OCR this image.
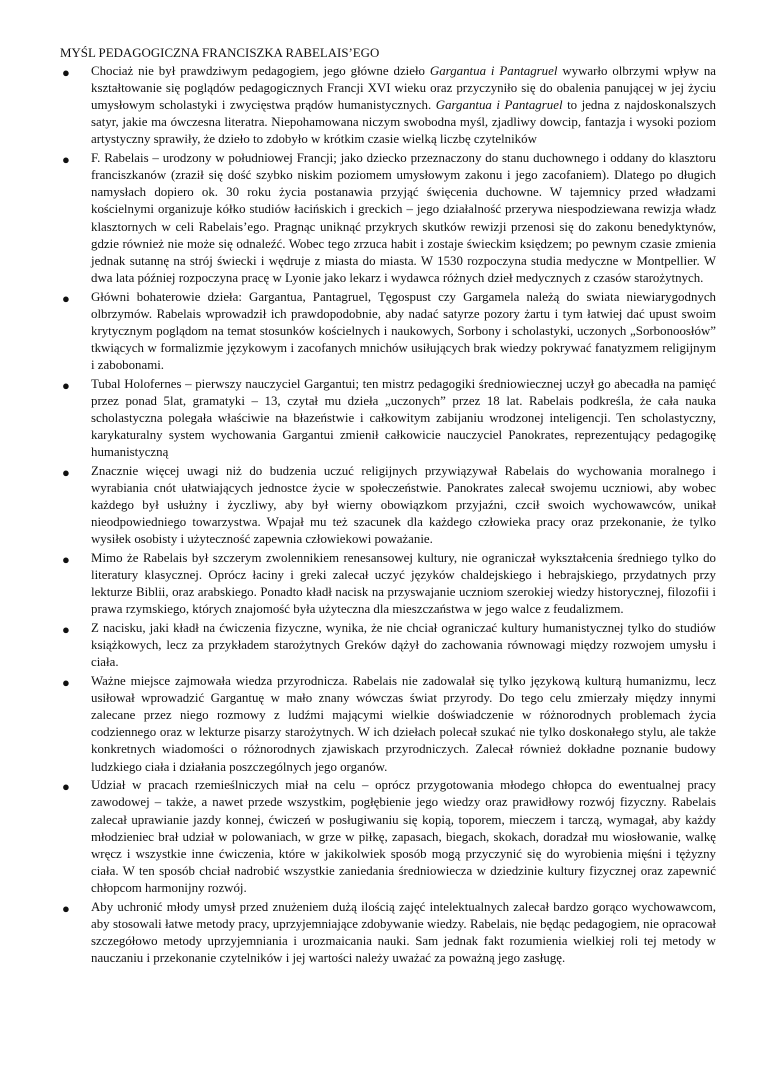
MYŚL PEDAGOGICZNA FRANCISZKA RABELAIS’EGO
● Chociaż nie był prawdziwym pedagogiem, jego główne dzieło Gargantua i Pantagruel wywarło olbrzymi wpływ na kształtowanie się poglądów pedagogicznych Francji XVI wieku oraz przyczyniło się do obalenia panującej w jej życiu umysłowym scholastyki i zwycięstwa prądów humanistycznych. Gargantua i Pantagruel to jedna z najdoskonalszych satyr, jakie ma ówczesna literatra. Niepohamowana niczym swobodna myśl, zjadliwy dowcip, fantazja i wysoki poziom artystyczny sprawiły, że dzieło to zdobyło w krótkim czasie wielką liczbę czytelników
● F. Rabelais – urodzony w południowej Francji; jako dziecko przeznaczony do stanu duchownego i oddany do klasztoru franciszkanów (zraził się dość szybko niskim poziomem umysłowym zakonu i jego zacofaniem). Dlatego po długich namysłach dopiero ok. 30 roku życia postanawia przyjąć święcenia duchowne. W tajemnicy przed władzami kościelnymi organizuje kółko studiów łacińskich i greckich – jego działalność przerywa niespodziewana rewizja władz klasztornych w celi Rabelais’ego. Pragnąc uniknąć przykrych skutków rewizji przenosi się do zakonu benedyktynów, gdzie również nie może się odnaleźć. Wobec tego zrzuca habit i zostaje świeckim księdzem; po pewnym czasie zmienia jednak sutannę na strój świecki i wędruje z miasta do miasta. W 1530 rozpoczyna studia medyczne w Montpellier. W dwa lata później rozpoczyna pracę w Lyonie jako lekarz i wydawca różnych dzieł medycznych z czasów starożytnych.
● Główni bohaterowie dzieła: Gargantua, Pantagruel, Tęgospust czy Gargamela należą do swiata niewiarygodnych olbrzymów. Rabelais wprowadził ich prawdopodobnie, aby nadać satyrze pozory żartu i tym łatwiej dać upust swoim krytycznym poglądom na temat stosunków kościelnych i naukowych, Sorbony i scholastyki, uczonych „Sorbonoosłów” tkwiących w formalizmie językowym i zacofanych mnichów usiłujących brak wiedzy pokrywać fanatyzmem religijnym i zabobonami.
● Tubal Holofernes – pierwszy nauczyciel Gargantui; ten mistrz pedagogiki średniowiecznej uczył go abecadła na pamięć przez ponad 5lat, gramatyki – 13, czytał mu dzieła „uczonych” przez 18 lat. Rabelais podkreśla, że cała nauka scholastyczna polegała właściwie na błazeństwie i całkowitym zabijaniu wrodzonej inteligencji. Ten scholastyczny, karykaturalny system wychowania Gargantui zmienił całkowicie nauczyciel Panokrates, reprezentujący pedagogikę humanistyczną
● Znacznie więcej uwagi niż do budzenia uczuć religijnych przywiązywał Rabelais do wychowania moralnego i wyrabiania cnót ułatwiających jednostce życie w społeczeństwie. Panokrates zalecał swojemu uczniowi, aby wobec każdego był usłużny i życzliwy, aby był wierny obowiązkom przyjaźni, czcił swoich wychowawców, unikał nieodpowiedniego towarzystwa. Wpajał mu też szacunek dla każdego człowieka pracy oraz przekonanie, że tylko wysiłek osobisty i użyteczność zapewnia człowiekowi poważanie.
● Mimo że Rabelais był szczerym zwolennikiem renesansowej kultury, nie ograniczał wykształcenia średniego tylko do literatury klasycznej. Oprócz łaciny i greki zalecał uczyć języków chaldejskiego i hebrajskiego, przydatnych przy lekturze Biblii, oraz arabskiego. Ponadto kładł nacisk na przyswajanie uczniom szerokiej wiedzy historycznej, filozofii i prawa rzymskiego, których znajomość była użyteczna dla mieszczaństwa w jego walce z feudalizmem.
● Z nacisku, jaki kładł na ćwiczenia fizyczne, wynika, że nie chciał ograniczać kultury humanistycznej tylko do studiów książkowych, lecz za przykładem starożytnych Greków dążył do zachowania równowagi między rozwojem umysłu i ciała.
● Ważne miejsce zajmowała wiedza przyrodnicza. Rabelais nie zadowalał się tylko językową kulturą humanizmu, lecz usiłował wprowadzić Gargantuę w mało znany wówczas świat przyrody. Do tego celu zmierzały między innymi zalecane przez niego rozmowy z ludźmi mającymi wielkie doświadczenie w różnorodnych problemach życia codziennego oraz w lekturze pisarzy starożytnych. W ich dziełach polecał szukać nie tylko doskonałego stylu, ale także konkretnych wiadomości o różnorodnych zjawiskach przyrodniczych. Zalecał również dokładne poznanie budowy ludzkiego ciała i działania poszczególnych jego organów.
● Udział w pracach rzemieślniczych miał na celu – oprócz przygotowania młodego chłopca do ewentualnej pracy zawodowej – także, a nawet przede wszystkim, pogłębienie jego wiedzy oraz prawidłowy rozwój fizyczny. Rabelais zalecał uprawianie jazdy konnej, ćwiczeń w posługiwaniu się kopią, toporem, mieczem i tarczą, wymagał, aby każdy młodzieniec brał udział w polowaniach, w grze w piłkę, zapasach, biegach, skokach, doradzał mu wiosłowanie, walkę wręcz i wszystkie inne ćwiczenia, które w jakikolwiek sposób mogą przyczynić się do wyrobienia mięśni i tężyzny ciała. W ten sposób chciał nadrobić wszystkie zaniedania średniowiecza w dziedzinie kultury fizycznej oraz zapewnić chłopcom harmonijny rozwój.
● Aby uchronić młody umysł przed znużeniem dużą ilością zajęć intelektualnych zalecał bardzo gorąco wychowawcom, aby stosowali łatwe metody pracy, uprzyjemniające zdobywanie wiedzy. Rabelais, nie będąc pedagogiem, nie opracował szczegółowo metody uprzyjemniania i urozmaicania nauki. Sam jednak fakt rozumienia wielkiej roli tej metody w nauczaniu i przekonanie czytelników i jej wartości należy uważać za poważną jego zasługę.
